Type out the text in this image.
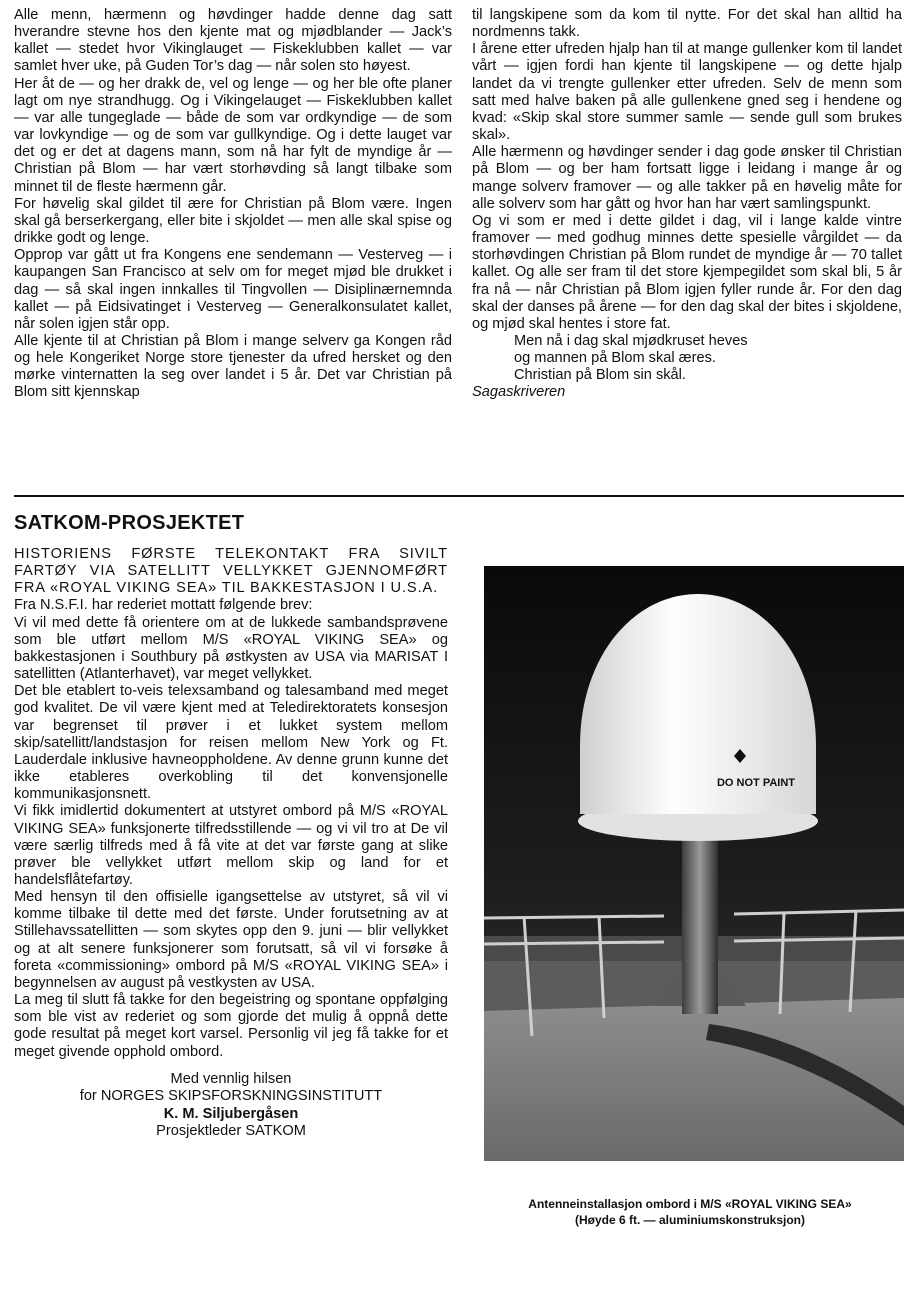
Alle menn, hærmenn og høvdinger hadde denne dag satt hverandre stevne hos den kjente mat og mjødblander — Jack’s kallet — stedet hvor Vikinglauget — Fiskeklubben kallet — var samlet hver uke, på Guden Tor’s dag — når solen sto høyest.

Her åt de — og her drakk de, vel og lenge — og her ble ofte planer lagt om nye strandhugg. Og i Vikingelauget — Fiskeklubben kallet — var alle tungeglade — både de som var ordkyndige — de som var lovkyndige — og de som var gullkyndige. Og i dette lauget var det og er det at dagens mann, som nå har fylt de myndige år — Christian på Blom — har vært storhøvding så langt tilbake som minnet til de fleste hærmenn går.

For høvelig skal gildet til ære for Christian på Blom være. Ingen skal gå berserkergang, eller bite i skjoldet — men alle skal spise og drikke godt og lenge.

Opprop var gått ut fra Kongens ene sendemann — Vesterveg — i kaupangen San Francisco at selv om for meget mjød ble drukket i dag — så skal ingen innkalles til Tingvollen — Disiplinærnemnda kallet — på Eidsivatinget i Vesterveg — Generalkonsulatet kallet, når solen igjen står opp.

Alle kjente til at Christian på Blom i mange selverv ga Kongen råd og hele Kongeriket Norge store tjenester da ufred hersket og den mørke vinternatten la seg over landet i 5 år. Det var Christian på Blom sitt kjennskap

til langskipene som da kom til nytte. For det skal han alltid ha nordmenns takk.

I årene etter ufreden hjalp han til at mange gullenker kom til landet vårt — igjen fordi han kjente til langskipene — og dette hjalp landet da vi trengte gullenker etter ufreden. Selv de menn som satt med halve baken på alle gullenkene gned seg i hendene og kvad: «Skip skal store summer samle — sende gull som brukes skal».

Alle hærmenn og høvdinger sender i dag gode ønsker til Christian på Blom — og ber ham fortsatt ligge i leidang i mange år og mange solverv framover — og alle takker på en høvelig måte for alle solverv som har gått og hvor han har vært samlingspunkt.

Og vi som er med i dette gildet i dag, vil i lange kalde vintre framover — med godhug minnes dette spesielle vårgildet — da storhøvdingen Christian på Blom rundet de myndige år — 70 tallet kallet. Og alle ser fram til det store kjempegildet som skal bli, 5 år fra nå — når Christian på Blom igjen fyller runde år. For den dag skal der danses på årene — for den dag skal der bites i skjoldene, og mjød skal hentes i store fat.

Men nå i dag skal mjødkruset heves

og mannen på Blom skal æres.

Christian på Blom sin skål.

Sagaskriveren

SATKOM-PROSJEKTET

HISTORIENS FØRSTE TELEKONTAKT FRA SIVILT FARTØY VIA SATELLITT VELLYKKET GJENNOMFØRT FRA «ROYAL VIKING SEA» TIL BAKKESTASJON I U.S.A.

Fra N.S.F.I. har rederiet mottatt følgende brev:

Vi vil med dette få orientere om at de lukkede sambandsprøvene som ble utført mellom M/S «ROYAL VIKING SEA» og bakkestasjonen i Southbury på østkysten av USA via MARISAT I satellitten (Atlanterhavet), var meget vellykket.

Det ble etablert to-veis telexsamband og talesamband med meget god kvalitet. De vil være kjent med at Teledirektoratets konsesjon var begrenset til prøver i et lukket system mellom skip/satellitt/landstasjon for reisen mellom New York og Ft. Lauderdale inklusive havneoppholdene. Av denne grunn kunne det ikke etableres overkobling til det konvensjonelle kommunikasjonsnett.

Vi fikk imidlertid dokumentert at utstyret ombord på M/S «ROYAL VIKING SEA» funksjonerte tilfredsstillende — og vi vil tro at De vil være særlig tilfreds med å få vite at det var første gang at slike prøver ble vellykket utført mellom skip og land for et handelsflåtefartøy.

Med hensyn til den offisielle igangsettelse av utstyret, så vil vi komme tilbake til dette med det første. Under forutsetning av at Stillehavssatellitten — som skytes opp den 9. juni — blir vellykket og at alt senere funksjonerer som forutsatt, så vil vi forsøke å foreta «commissioning» ombord på M/S «ROYAL VIKING SEA» i begynnelsen av august på vestkysten av USA.

La meg til slutt få takke for den begeistring og spontane oppfølging som ble vist av rederiet og som gjorde det mulig å oppnå dette gode resultat på meget kort varsel. Personlig vil jeg få takke for et meget givende opphold ombord.

Med vennlig hilsen
for NORGES SKIPSFORSKNINGSINSTITUTT
K. M. Siljubergåsen
Prosjektleder SATKOM
DO NOT PAINT
Antenneinstallasjon ombord i M/S «ROYAL VIKING SEA»
(Høyde 6 ft. — aluminiumskonstruksjon)
